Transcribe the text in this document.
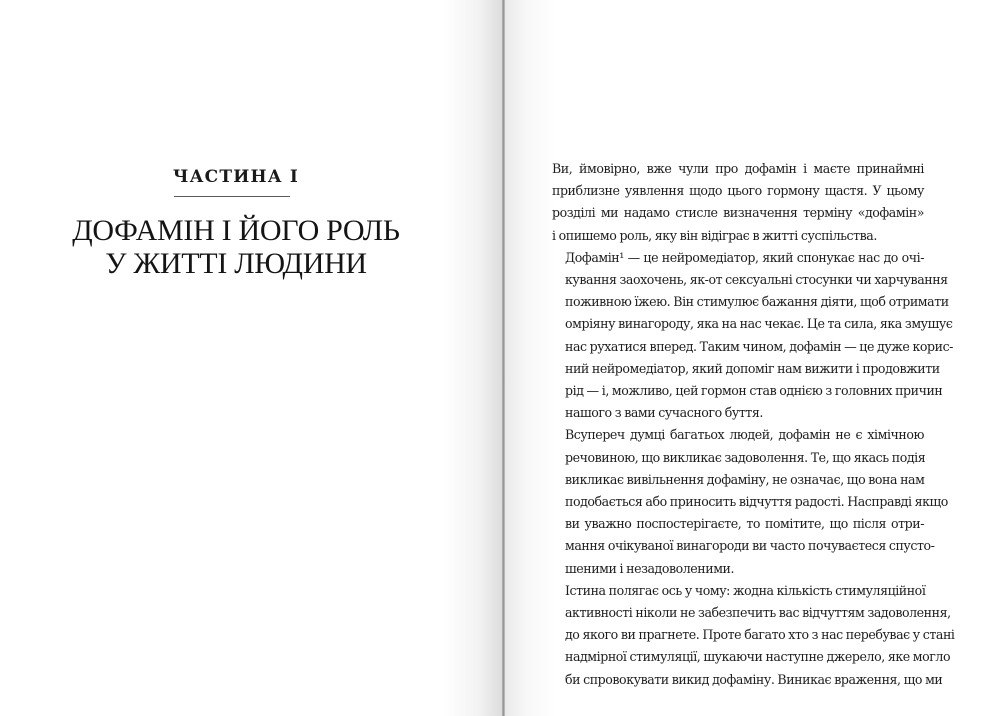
ЧАСТИНА I
ДОФАМІН І ЙОГО РОЛЬ
У ЖИТТІ ЛЮДИНИ

Ви, ймовірно, вже чули про дофамін і маєте принаймні
приблизне уявлення щодо цього гормону щастя. У цьому
розділі ми надамо стисле визначення терміну «дофамін»
і опишемо роль, яку він відіграє в житті суспільства.

Дофамін¹ — це нейромедіатор, який спонукає нас до очі-
кування заохочень, як-от сексуальні стосунки чи харчування
поживною їжею. Він стимулює бажання діяти, щоб отримати
омріяну винагороду, яка на нас чекає. Це та сила, яка змушує
нас рухатися вперед. Таким чином, дофамін — це дуже корис-
ний нейромедіатор, який допоміг нам вижити і продовжити
рід — і, можливо, цей гормон став однією з головних причин
нашого з вами сучасного буття.

Всупереч думці багатьох людей, дофамін не є хімічною
речовиною, що викликає задоволення. Те, що якась подія
викликає вивільнення дофаміну, не означає, що вона нам
подобається або приносить відчуття радості. Насправді якщо
ви уважно поспостерігаєте, то помітите, що після отри-
мання очікуваної винагороди ви часто почуваєтеся спусто-
шеними і незадоволеними.

Істина полягає ось у чому: жодна кількість стимуляційної
активності ніколи не забезпечить вас відчуттям задоволення,
до якого ви прагнете. Проте багато хто з нас перебуває у стані
надмірної стимуляції, шукаючи наступне джерело, яке могло
би спровокувати викид дофаміну. Виникає враження, що ми
